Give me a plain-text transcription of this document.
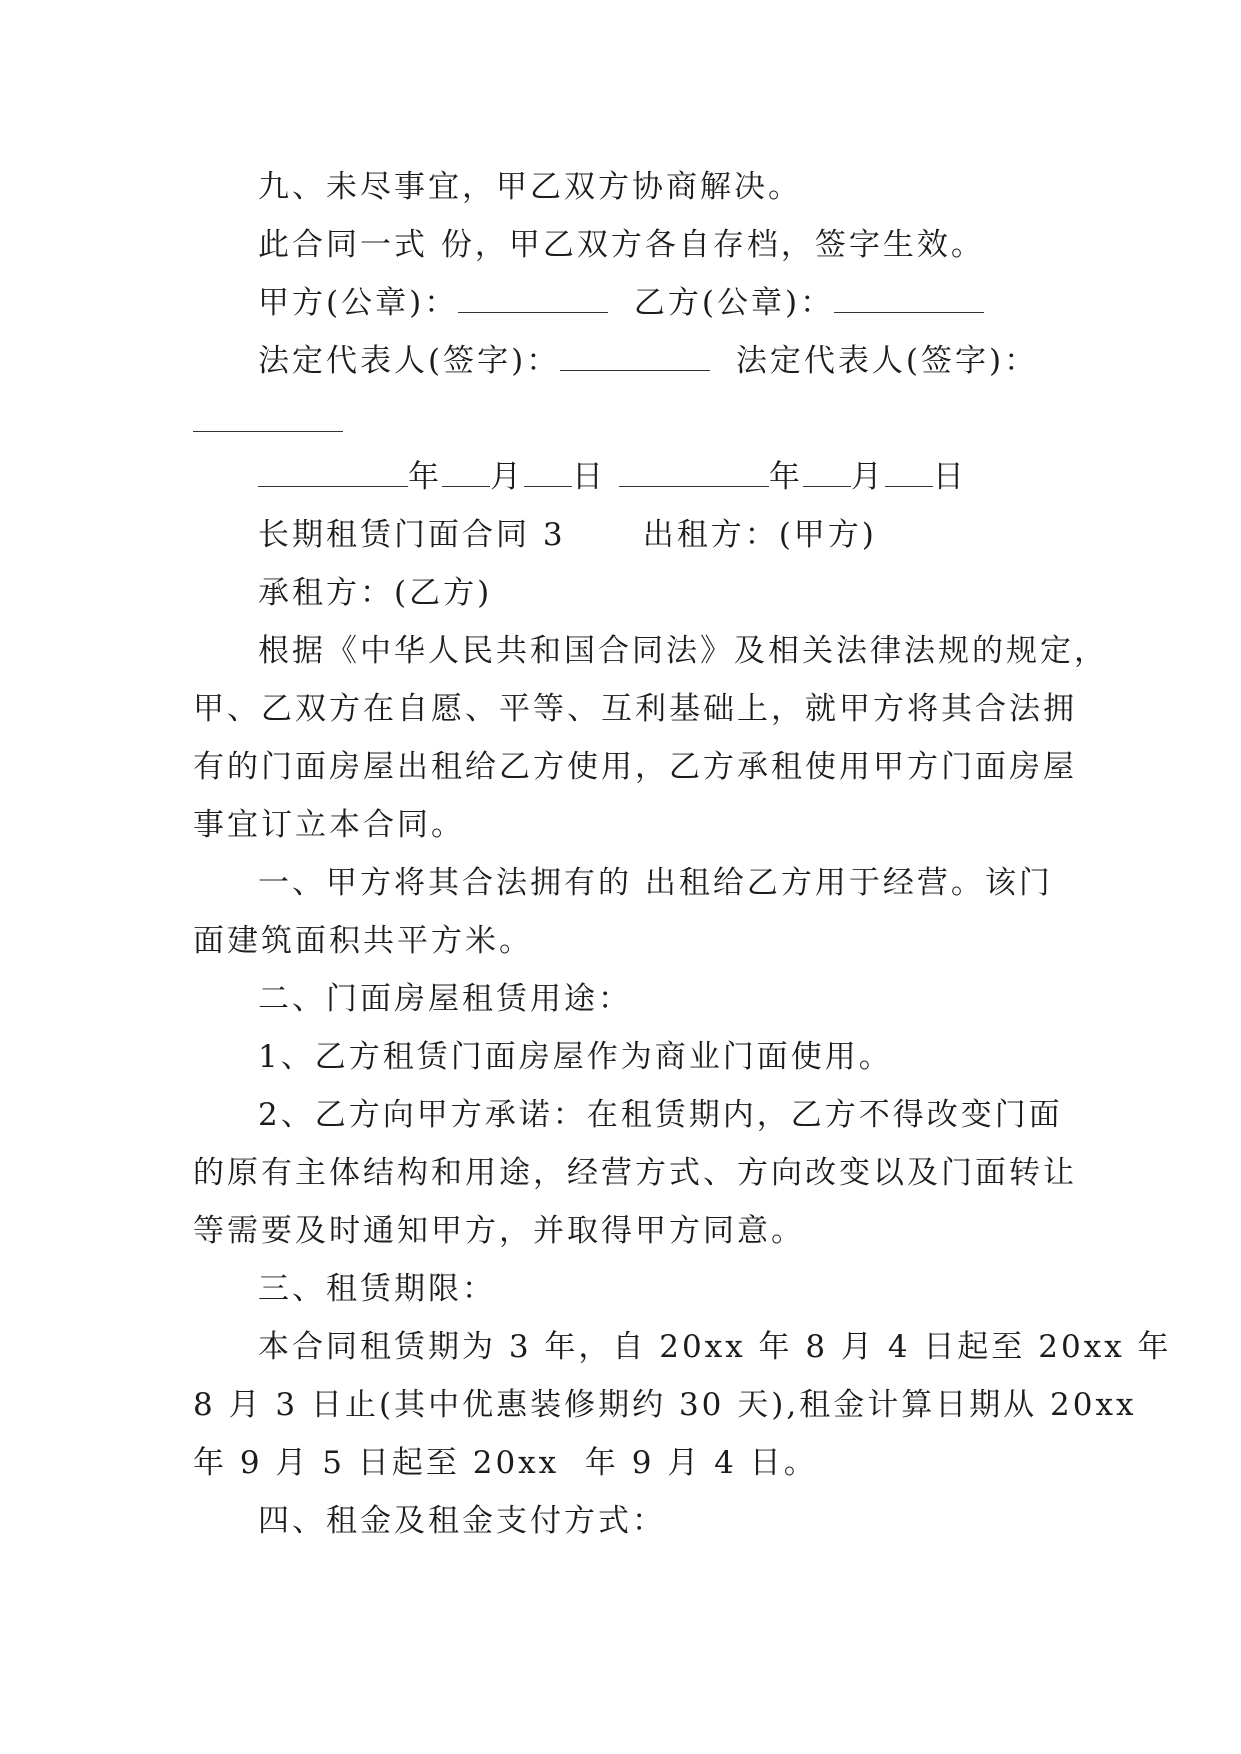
九、未尽事宜，甲乙双方协商解决。
此合同一式 份，甲乙双方各自存档，签字生效。
甲方(公章)：	乙方(公章)：
法定代表人(签字)：	法定代表人(签字)：
年 月 日	年 月 日
长期租赁门面合同 3 出租方：(甲方)
承租方：(乙方)
根据《中华人民共和国合同法》及相关法律法规的规定，
甲、乙双方在自愿、平等、互利基础上，就甲方将其合法拥
有的门面房屋出租给乙方使用，乙方承租使用甲方门面房屋
事宜订立本合同。
一、甲方将其合法拥有的 出租给乙方用于经营。该门
面建筑面积共平方米。
二、门面房屋租赁用途：
1、乙方租赁门面房屋作为商业门面使用。
2、乙方向甲方承诺：在租赁期内，乙方不得改变门面
的原有主体结构和用途，经营方式、方向改变以及门面转让
等需要及时通知甲方，并取得甲方同意。
三、租赁期限：
本合同租赁期为 3 年，自 20xx 年 8 月 4 日起至 20xx 年
8 月 3 日止(其中优惠装修期约 30 天),租金计算日期从 20xx
年 9 月 5 日起至 20xx  年 9 月 4 日。
四、租金及租金支付方式：
